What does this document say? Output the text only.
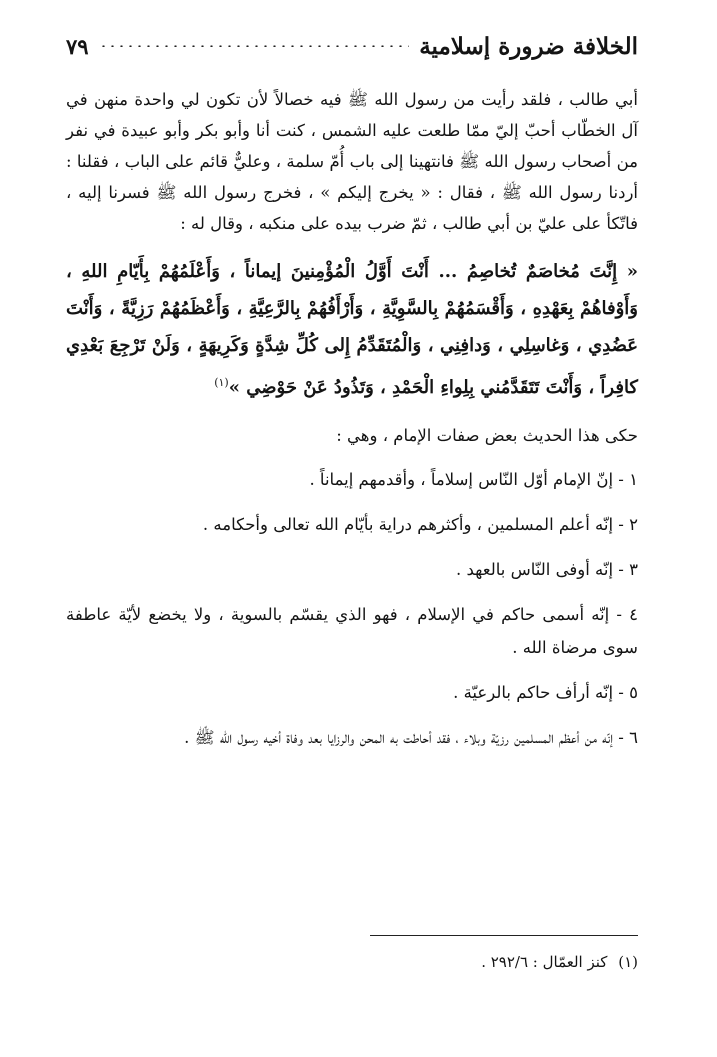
الخلافة ضرورة إسلامية
٧٩

أبي طالب ، فلقد رأيت من رسول الله ﷺ فيه خصالاً لأن تكون لي واحدة منهن في آل الخطّاب أحبّ إليّ ممّا طلعت عليه الشمس ، كنت أنا وأبو بكر وأبو عبيدة في نفر من أصحاب رسول الله ﷺ فانتهينا إلى باب أُمّ سلمة ، وعليٌّ قائم على الباب ، فقلنا : أردنا رسول الله ﷺ ، فقال : « يخرج إليكم » ، فخرج رسول الله ﷺ فسرنا إليه ، فاتّكأ على عليّ بن أبي طالب ، ثمّ ضرب بيده على منكبه ، وقال له :

« إِنَّتَ مُخاصَمٌ تُخاصِمُ ... أَنْتَ أَوَّلُ الْمُؤْمِنينَ إيماناً ، وَأَعْلَمُهُمْ بِأَيّامِ اللهِ ، وَأَوْفاهُمْ بِعَهْدِهِ ، وَأَقْسَمُهُمْ بِالسَّوِيَّةِ ، وَأَرْأَفُهُمْ بِالرَّعِيَّةِ ، وَأَعْظَمُهُمْ رَزِيَّةً ، وَأَنْتَ عَضُدِي ، وَغاسِلِي ، وَدافِنِي ، وَالْمُتَقَدِّمُ إِلى كُلِّ شِدَّةٍ وَكَرِيهَةٍ ، وَلَنْ تَرْجِعَ بَعْدِي كافِراً ، وَأَنْتَ تَتَقَدَّمُني بِلِواءِ الْحَمْدِ ، وَتَذُودُ عَنْ حَوْضِي »$^{(١)}$

حكى هذا الحديث بعض صفات الإمام ، وهي :

١ - إنّ الإمام أوّل النّاس إسلاماً ، وأقدمهم إيماناً .
٢ - إنّه أعلم المسلمين ، وأكثرهم دراية بأيّام الله تعالى وأحكامه .
٣ - إنّه أوفى النّاس بالعهد .
٤ - إنّه أسمى حاكم في الإسلام ، فهو الذي يقسّم بالسوية ، ولا يخضع لأيّة عاطفة سوى مرضاة الله .
٥ - إنّه أرأف حاكم بالرعيّة .
٦ - إنّه من أعظم المسلمين رزيّة وبلاء ، فقد أحاطت به المحن والرزايا بعد وفاة أخيه رسول الله ﷺ .
(١) كنز العمّال : ٢٩٢/٦ .
